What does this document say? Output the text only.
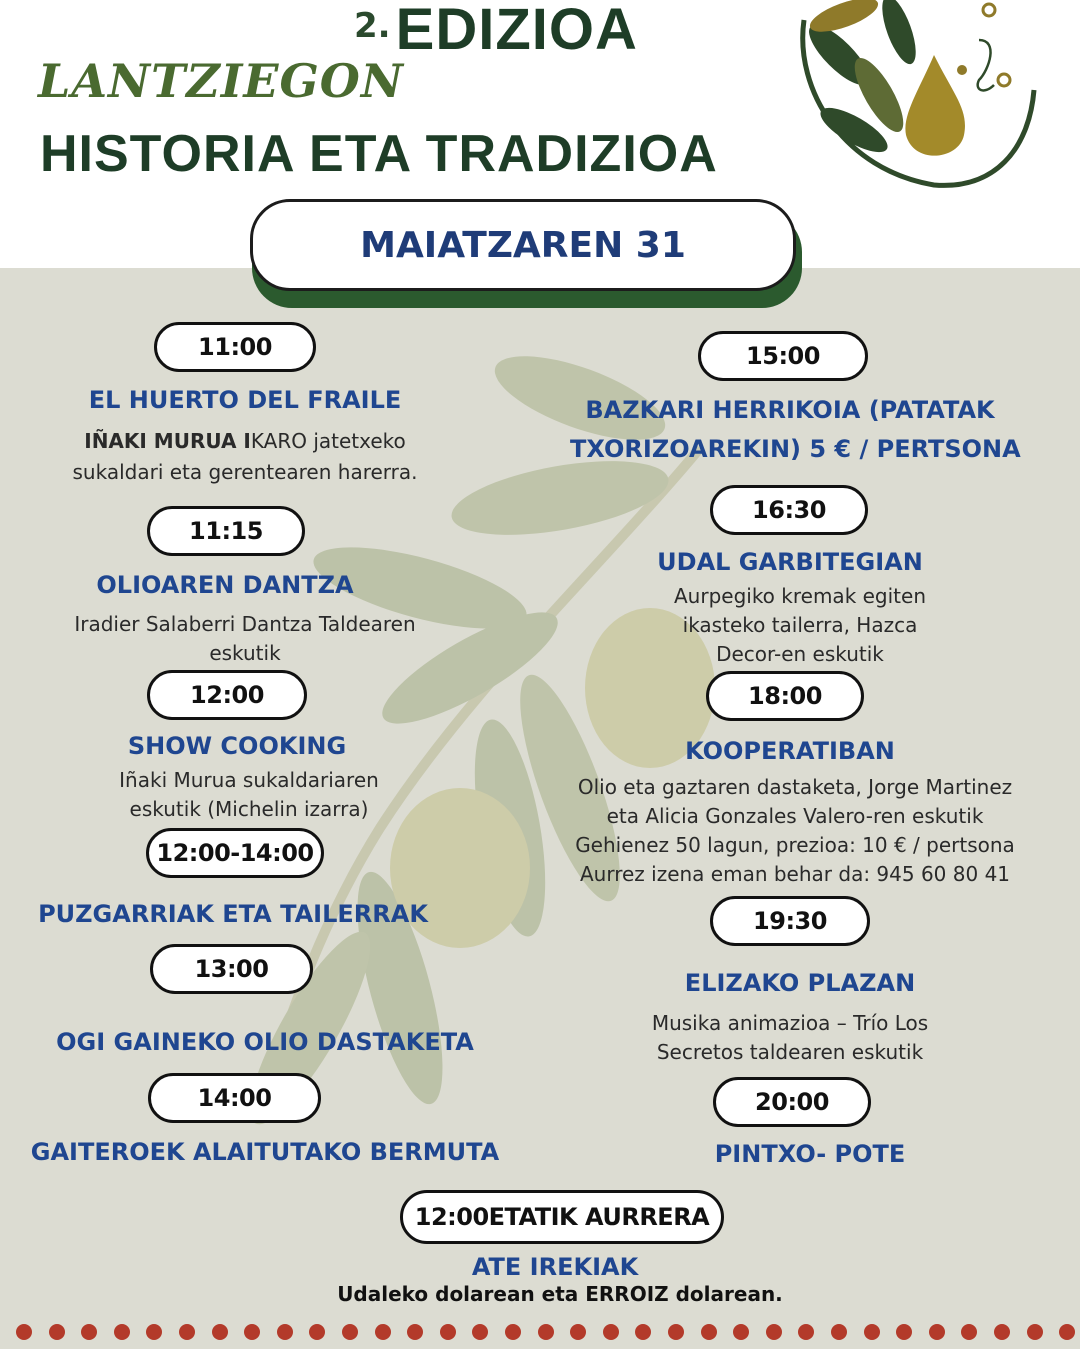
2. EDIZIOA
LANTZIEGON
HISTORIA ETA TRADIZIOA
MAIATZAREN 31
11:00
EL HUERTO DEL FRAILE
IÑAKI MURUA IKARO jatetxeko
sukaldari eta gerentearen harerra.
11:15
OLIOAREN DANTZA
Iradier Salaberri Dantza Taldearen
eskutik
12:00
SHOW COOKING
Iñaki Murua sukaldariaren
eskutik (Michelin izarra)
12:00-14:00
PUZGARRIAK ETA TAILERRAK
13:00
OGI GAINEKO OLIO DASTAKETA
14:00
GAITEROEK ALAITUTAKO BERMUTA
15:00
BAZKARI HERRIKOIA (PATATAK
TXORIZOAREKIN) 5 € / PERTSONA
16:30
UDAL GARBITEGIAN
Aurpegiko kremak egiten
ikasteko tailerra, Hazca
Decor-en eskutik
18:00
KOOPERATIBAN
Olio eta gaztaren dastaketa, Jorge Martinez
eta Alicia Gonzales Valero-ren eskutik
Gehienez 50 lagun, prezioa: 10 € / pertsona
Aurrez izena eman behar da: 945 60 80 41
19:30
ELIZAKO PLAZAN
Musika animazioa – Trío Los
Secretos taldearen eskutik
20:00
PINTXO- POTE
12:00ETATIK AURRERA
ATE IREKIAK
Udaleko dolarean eta ERROIZ dolarean.
